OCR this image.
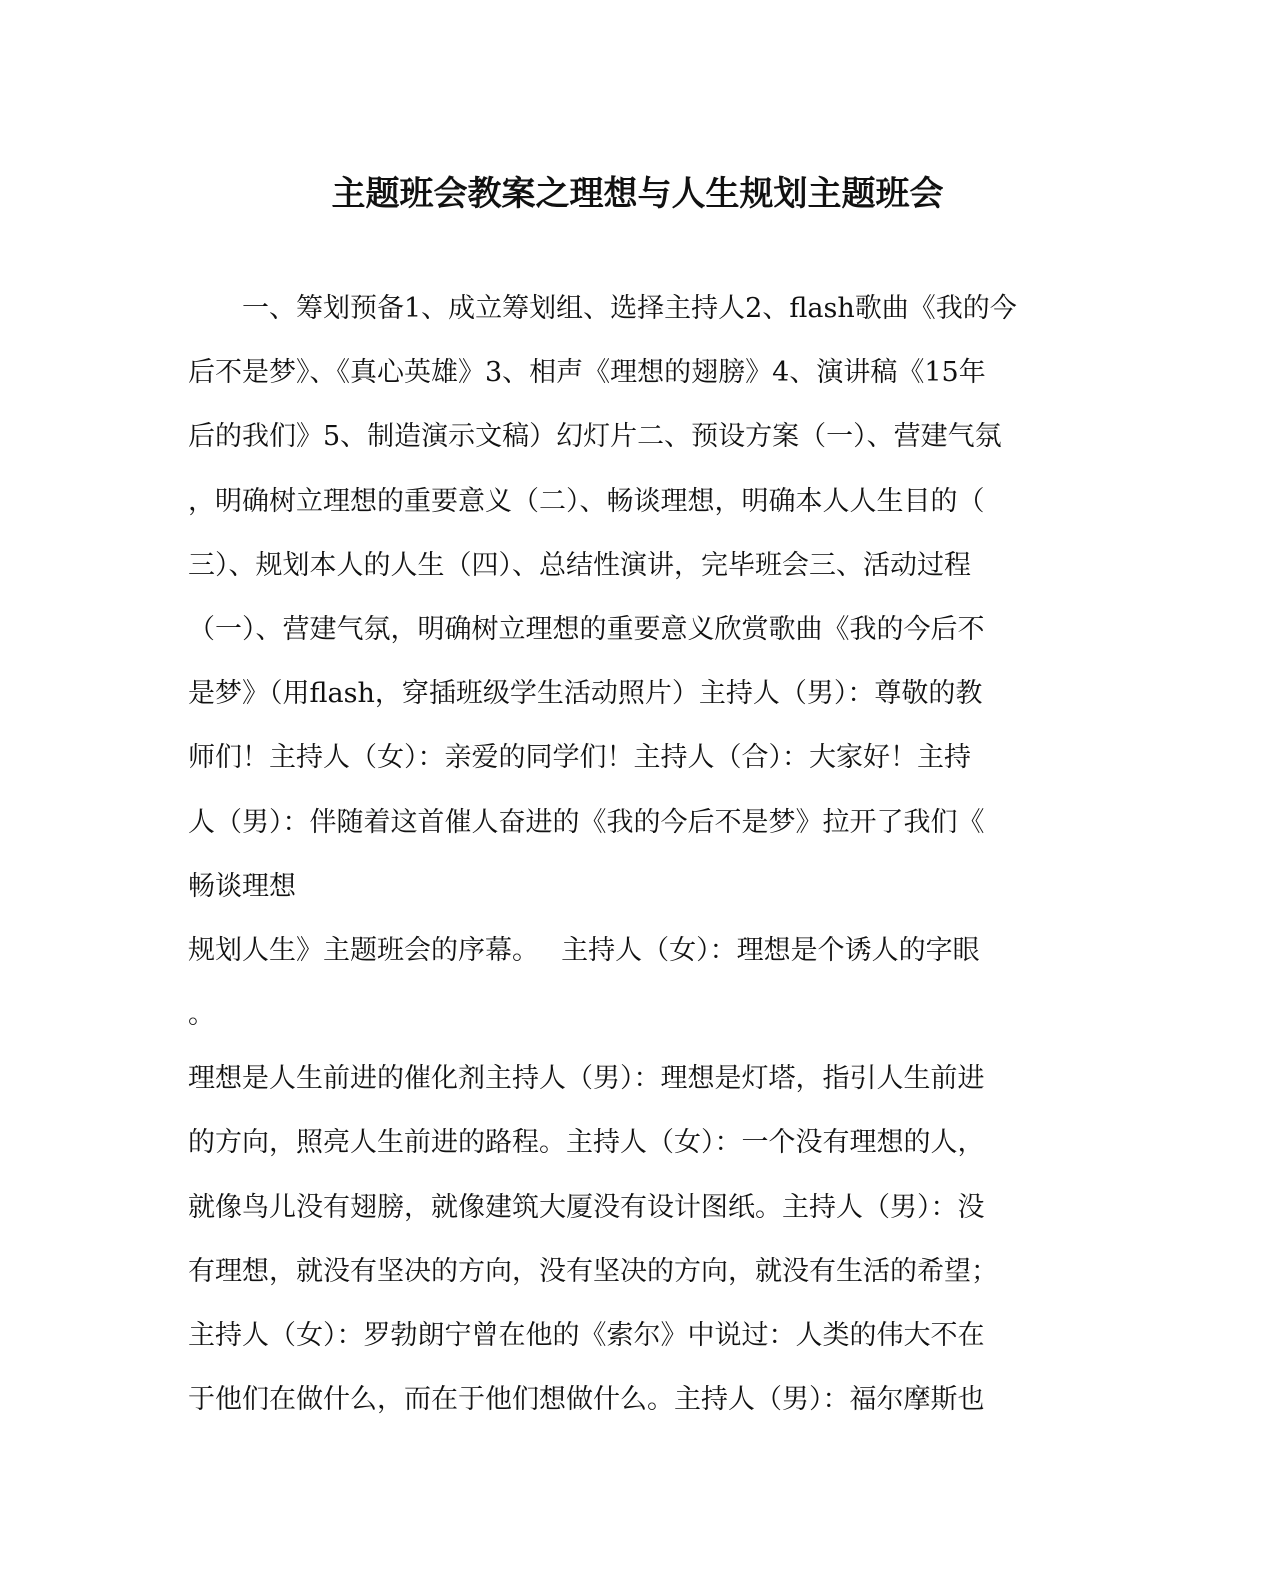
主题班会教案之理想与人生规划主题班会
　　一、筹划预备1、成立筹划组、选择主持人2、flash歌曲《我的今
后不是梦》、《真心英雄》3、相声《理想的翅膀》4、演讲稿《15年
后的我们》5、制造演示文稿）幻灯片二、预设方案（一）、营建气氛
，明确树立理想的重要意义（二）、畅谈理想，明确本人人生目的（
三）、规划本人的人生（四）、总结性演讲，完毕班会三、活动过程
（一）、营建气氛，明确树立理想的重要意义欣赏歌曲《我的今后不
是梦》（用flash，穿插班级学生活动照片）主持人（男）：尊敬的教
师们！主持人（女）：亲爱的同学们！主持人（合）：大家好！主持
人（男）：伴随着这首催人奋进的《我的今后不是梦》拉开了我们《
畅谈理想
规划人生》主题班会的序幕。　 主持人（女）：理想是个诱人的字眼
。
理想是人生前进的催化剂主持人（男）：理想是灯塔，指引人生前进
的方向，照亮人生前进的路程。主持人（女）：一个没有理想的人，
就像鸟儿没有翅膀，就像建筑大厦没有设计图纸。主持人（男）：没
有理想，就没有坚决的方向，没有坚决的方向，就没有生活的希望；
主持人（女）：罗勃朗宁曾在他的《索尔》中说过：人类的伟大不在
于他们在做什么，而在于他们想做什么。主持人（男）：福尔摩斯也
